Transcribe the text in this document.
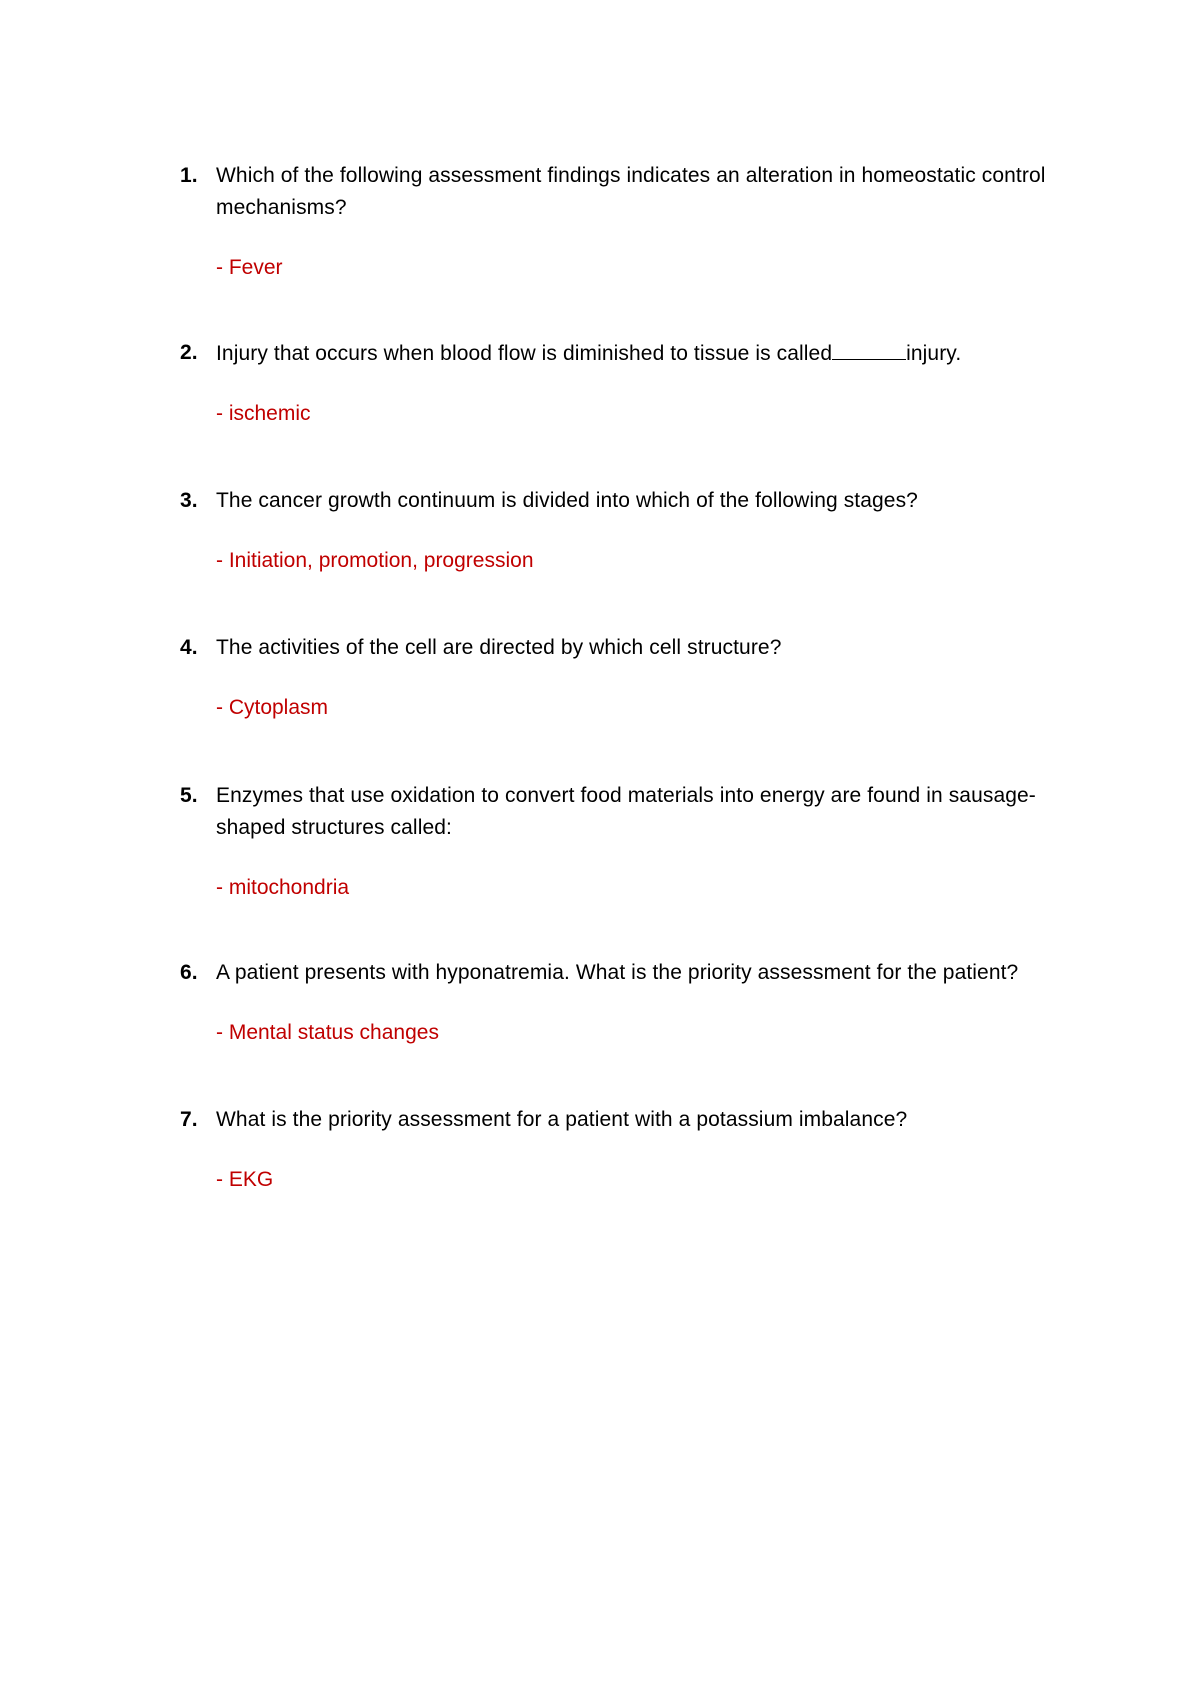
1. Which of the following assessment findings indicates an alteration in homeostatic control mechanisms?
- Fever
2. Injury that occurs when blood flow is diminished to tissue is called	injury.
- ischemic
3. The cancer growth continuum is divided into which of the following stages?
- Initiation, promotion, progression
4. The activities of the cell are directed by which cell structure?
- Cytoplasm
5. Enzymes that use oxidation to convert food materials into energy are found in sausage-shaped structures called:
- mitochondria
6. A patient presents with hyponatremia. What is the priority assessment for the patient?
- Mental status changes
7. What is the priority assessment for a patient with a potassium imbalance?
- EKG
